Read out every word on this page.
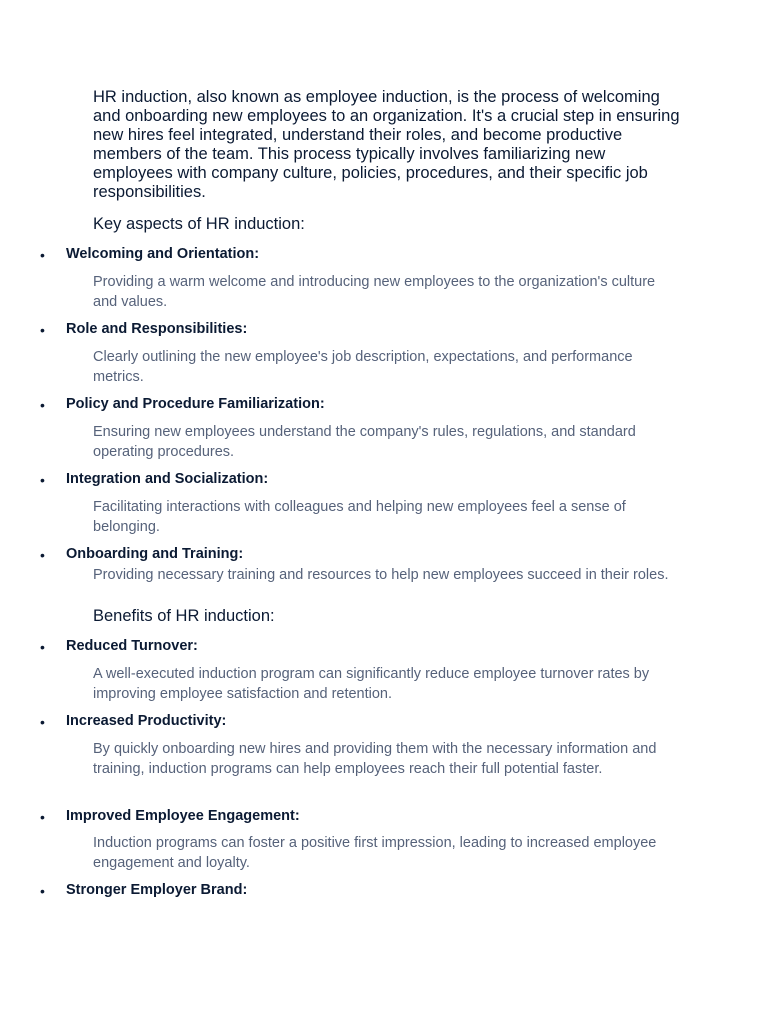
HR induction, also known as employee induction, is the process of welcoming and onboarding new employees to an organization. It's a crucial step in ensuring new hires feel integrated, understand their roles, and become productive members of the team. This process typically involves familiarizing new employees with company culture, policies, procedures, and their specific job responsibilities.

Key aspects of HR induction:

• Welcoming and Orientation:

Providing a warm welcome and introducing new employees to the organization's culture and values.

• Role and Responsibilities:

Clearly outlining the new employee's job description, expectations, and performance metrics.

• Policy and Procedure Familiarization:

Ensuring new employees understand the company's rules, regulations, and standard operating procedures.

• Integration and Socialization:

Facilitating interactions with colleagues and helping new employees feel a sense of belonging.

• Onboarding and Training:

Providing necessary training and resources to help new employees succeed in their roles.

Benefits of HR induction:

• Reduced Turnover:

A well-executed induction program can significantly reduce employee turnover rates by improving employee satisfaction and retention.

• Increased Productivity:

By quickly onboarding new hires and providing them with the necessary information and training, induction programs can help employees reach their full potential faster.

• Improved Employee Engagement:

Induction programs can foster a positive first impression, leading to increased employee engagement and loyalty.

• Stronger Employer Brand:
